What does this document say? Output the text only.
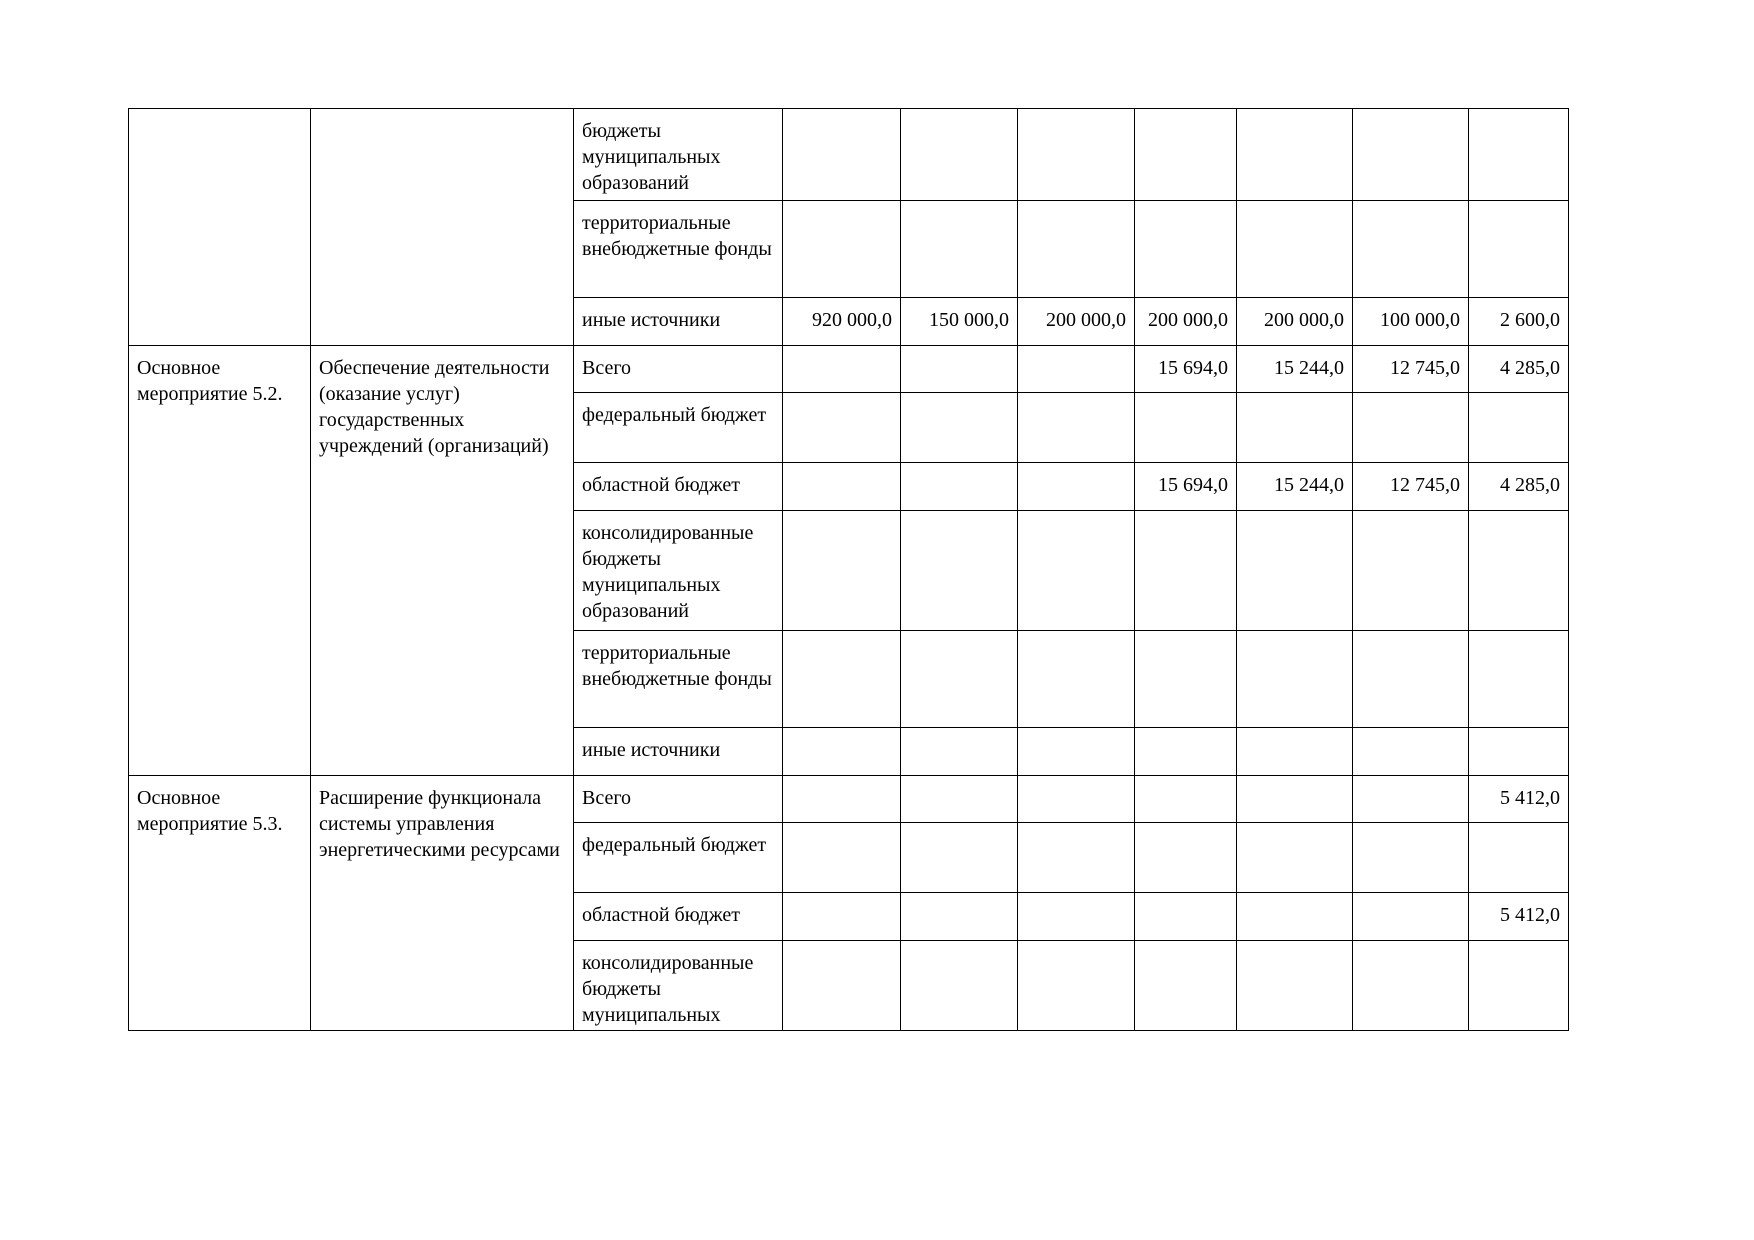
		бюджеты муниципальных образований							
		территориальные внебюджетные фонды							
		иные источники	920 000,0	150 000,0	200 000,0	200 000,0	200 000,0	100 000,0	2 600,0
Основное мероприятие 5.2.	Обеспечение деятельности (оказание услуг) государственных учреждений (организаций)	Всего				15 694,0	15 244,0	12 745,0	4 285,0
		федеральный бюджет							
		областной бюджет				15 694,0	15 244,0	12 745,0	4 285,0
		консолидированные бюджеты муниципальных образований							
		территориальные внебюджетные фонды							
		иные источники							
Основное мероприятие 5.3.	Расширение функционала системы управления энергетическими ресурсами	Всего							5 412,0
		федеральный бюджет							
		областной бюджет							5 412,0
		консолидированные бюджеты муниципальных							
